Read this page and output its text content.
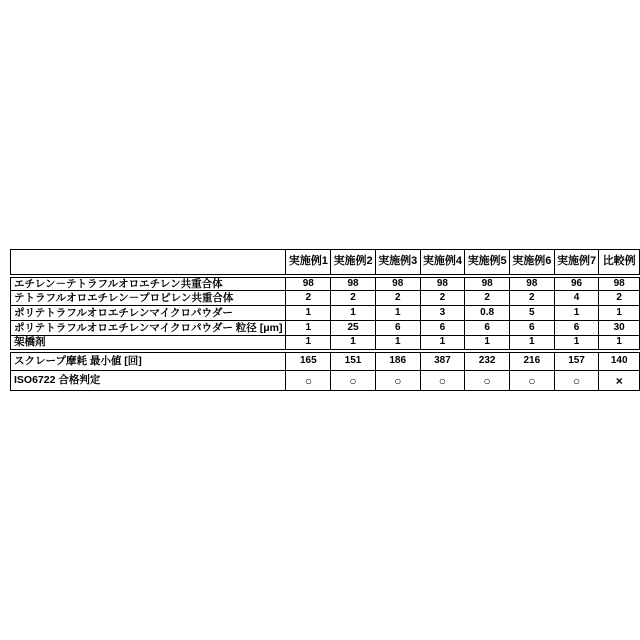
	実施例1	実施例2	実施例3	実施例4	実施例5	実施例6	実施例7	比較例
エチレン－テトラフルオロエチレン共重合体	98	98	98	98	98	98	96	98
テトラフルオロエチレン－プロピレン共重合体	2	2	2	2	2	2	4	2
ポリテトラフルオロエチレンマイクロパウダー	1	1	1	3	0.8	5	1	1
ポリテトラフルオロエチレンマイクロパウダー 粒径 [μm]	1	25	6	6	6	6	6	30
架橋剤	1	1	1	1	1	1	1	1
スクレープ摩耗 最小値 [回]	165	151	186	387	232	216	157	140
ISO6722 合格判定	○	○	○	○	○	○	○	×
